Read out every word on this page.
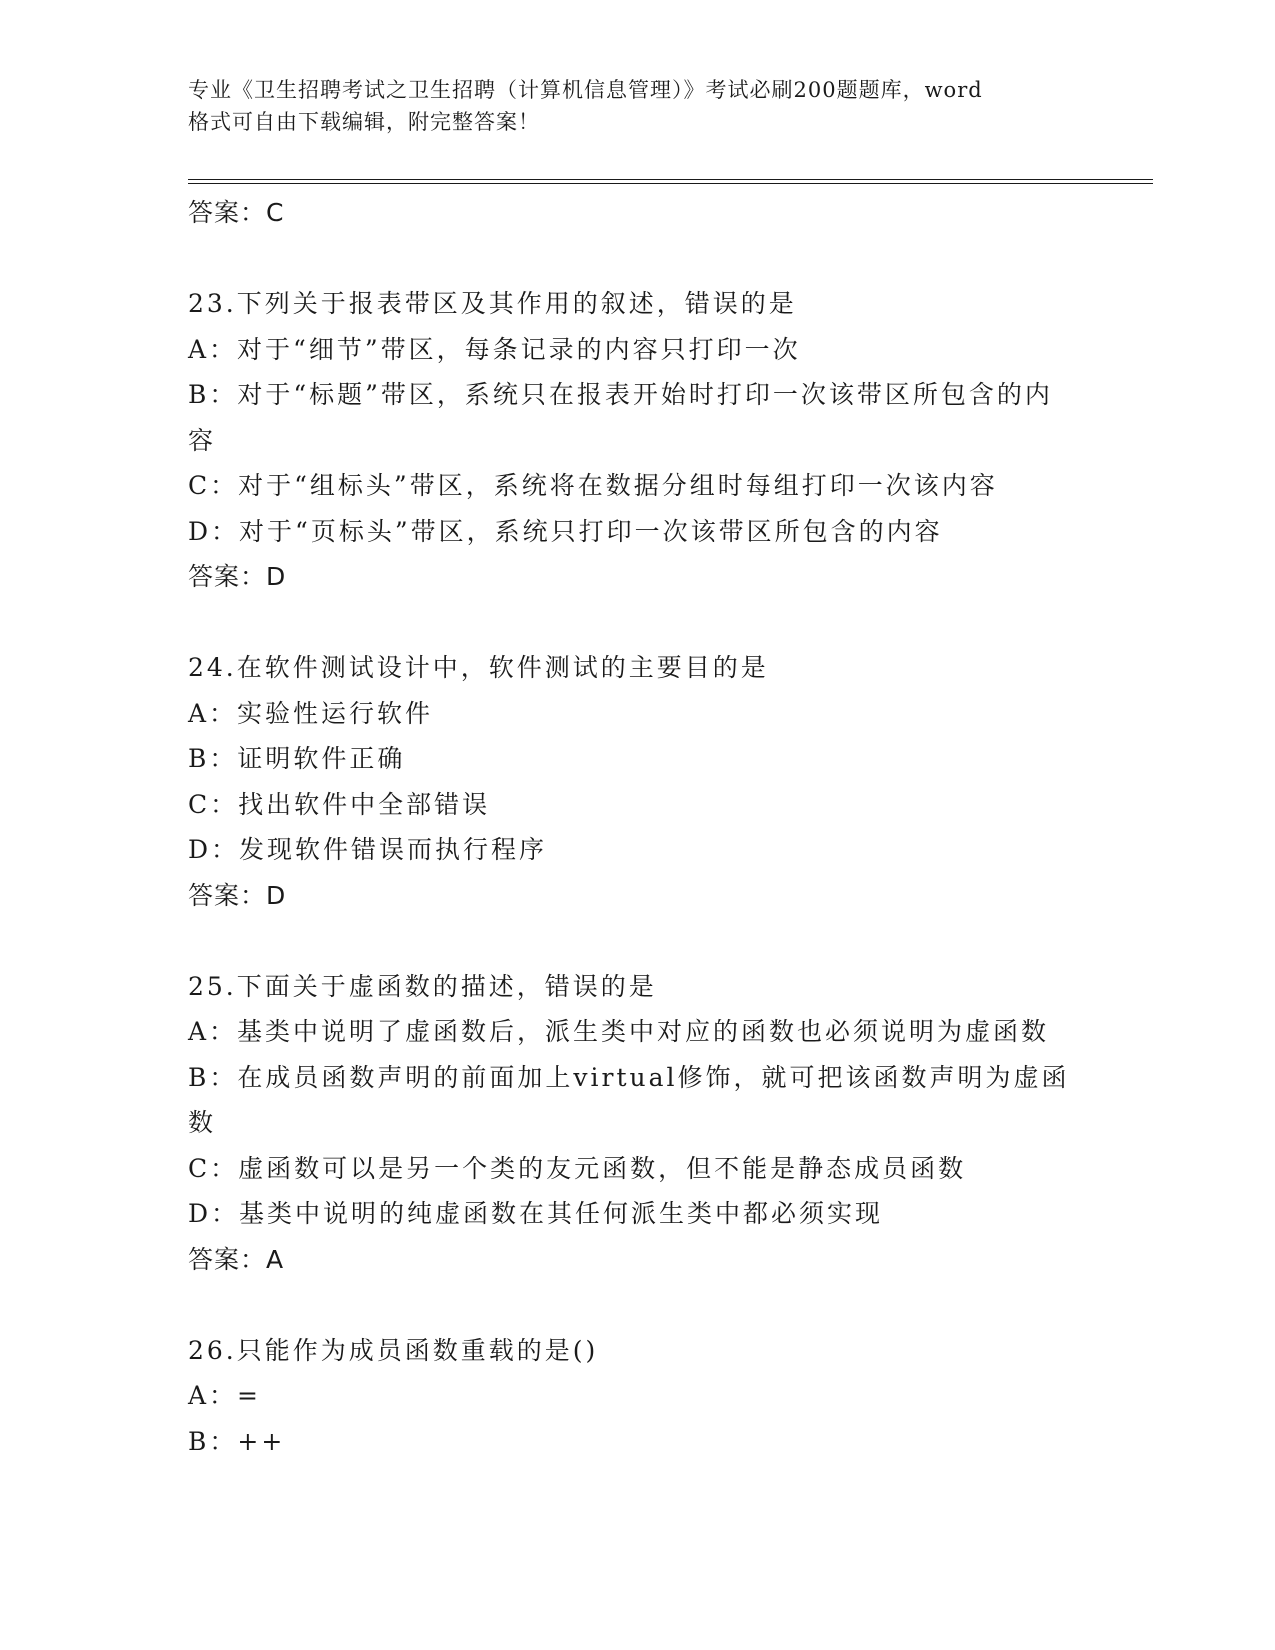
专业《卫生招聘考试之卫生招聘（计算机信息管理）》考试必刷200题题库，word
格式可自由下载编辑，附完整答案！
答案：C
23.下列关于报表带区及其作用的叙述，错误的是
A：对于“细节”带区，每条记录的内容只打印一次
B：对于“标题”带区，系统只在报表开始时打印一次该带区所包含的内容
C：对于“组标头”带区，系统将在数据分组时每组打印一次该内容
D：对于“页标头”带区，系统只打印一次该带区所包含的内容
答案：D
24.在软件测试设计中，软件测试的主要目的是
A：实验性运行软件
B：证明软件正确
C：找出软件中全部错误
D：发现软件错误而执行程序
答案：D
25.下面关于虚函数的描述，错误的是
A：基类中说明了虚函数后，派生类中对应的函数也必须说明为虚函数
B：在成员函数声明的前面加上virtual修饰，就可把该函数声明为虚函数
C：虚函数可以是另一个类的友元函数，但不能是静态成员函数
D：基类中说明的纯虚函数在其任何派生类中都必须实现
答案：A
26.只能作为成员函数重载的是()
A：=
B：++
